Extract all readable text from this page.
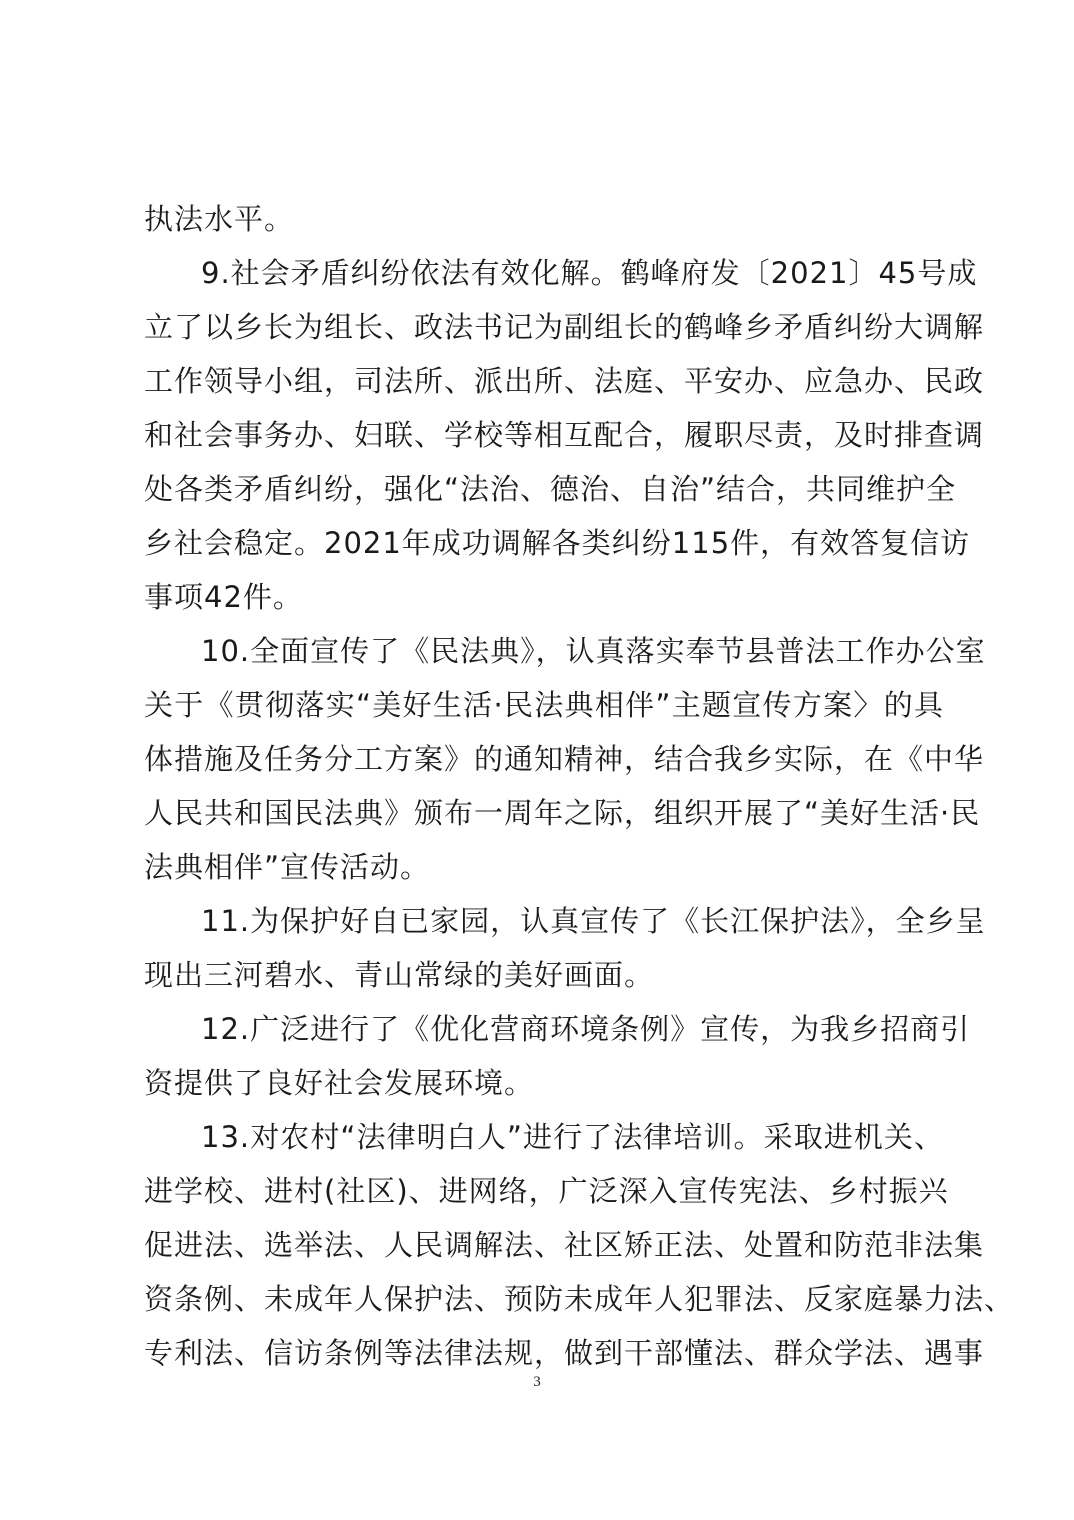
执法水平。
9.社会矛盾纠纷依法有效化解。鹤峰府发〔2021〕45号成
立了以乡长为组长、政法书记为副组长的鹤峰乡矛盾纠纷大调解
工作领导小组，司法所、派出所、法庭、平安办、应急办、民政
和社会事务办、妇联、学校等相互配合，履职尽责，及时排查调
处各类矛盾纠纷，强化“法治、德治、自治”结合，共同维护全
乡社会稳定。2021年成功调解各类纠纷115件，有效答复信访
事项42件。
10.全面宣传了《民法典》，认真落实奉节县普法工作办公室
关于《贯彻落实“美好生活·民法典相伴”主题宣传方案〉的具
体措施及任务分工方案》的通知精神，结合我乡实际，在《中华
人民共和国民法典》颁布一周年之际，组织开展了“美好生活·民
法典相伴”宣传活动。
11.为保护好自已家园，认真宣传了《长江保护法》，全乡呈
现出三河碧水、青山常绿的美好画面。
12.广泛进行了《优化营商环境条例》宣传，为我乡招商引
资提供了良好社会发展环境。
13.对农村“法律明白人”进行了法律培训。采取进机关、
进学校、进村(社区)、进网络，广泛深入宣传宪法、乡村振兴
促进法、选举法、人民调解法、社区矫正法、处置和防范非法集
资条例、未成年人保护法、预防未成年人犯罪法、反家庭暴力法、
专利法、信访条例等法律法规，做到干部懂法、群众学法、遇事
3
